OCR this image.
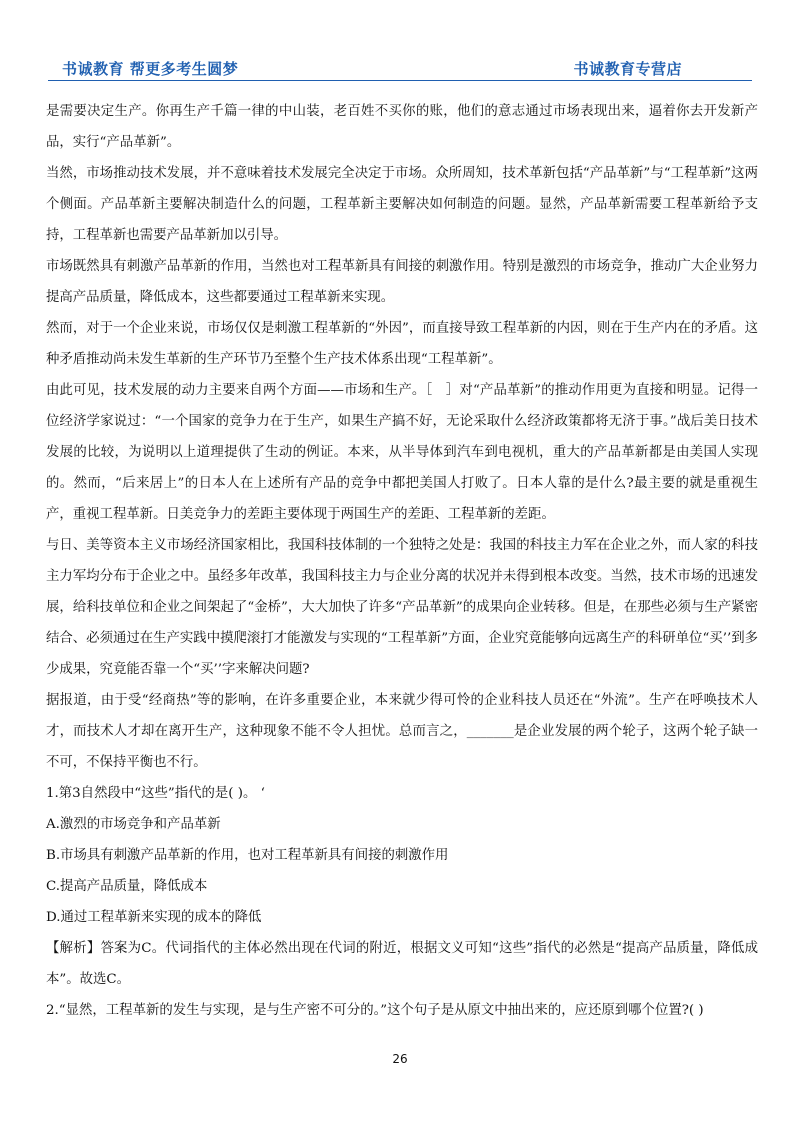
书诚教育 帮更多考生圆梦	书诚教育专营店

是需要决定生产。你再生产千篇一律的中山装，老百姓不买你的账，他们的意志通过市场表现出来，逼着你去开发新产品，实行“产品革新”。

当然，市场推动技术发展，并不意味着技术发展完全决定于市场。众所周知，技术革新包括“产品革新”与“工程革新”这两个侧面。产品革新主要解决制造什么的问题，工程革新主要解决如何制造的问题。显然，产品革新需要工程革新给予支持，工程革新也需要产品革新加以引导。

市场既然具有刺激产品革新的作用，当然也对工程革新具有间接的刺激作用。特别是激烈的市场竞争，推动广大企业努力提高产品质量，降低成本，这些都要通过工程革新来实现。

然而，对于一个企业来说，市场仅仅是刺激工程革新的“外因”，而直接导致工程革新的内因，则在于生产内在的矛盾。这种矛盾推动尚未发生革新的生产环节乃至整个生产技术体系出现“工程革新”。

由此可见，技术发展的动力主要来自两个方面——市场和生产。［　］对“产品革新”的推动作用更为直接和明显。记得一位经济学家说过：“一个国家的竞争力在于生产，如果生产搞不好，无论采取什么经济政策都将无济于事。”战后美日技术发展的比较，为说明以上道理提供了生动的例证。本来，从半导体到汽车到电视机，重大的产品革新都是由美国人实现的。然而，“后来居上”的日本人在上述所有产品的竞争中都把美国人打败了。日本人靠的是什么?最主要的就是重视生产，重视工程革新。日美竞争力的差距主要体现于两国生产的差距、工程革新的差距。

与日、美等资本主义市场经济国家相比，我国科技体制的一个独特之处是：我国的科技主力军在企业之外，而人家的科技主力军均分布于企业之中。虽经多年改革，我国科技主力与企业分离的状况并未得到根本改变。当然，技术市场的迅速发展，给科技单位和企业之间架起了“金桥”，大大加快了许多“产品革新”的成果向企业转移。但是，在那些必须与生产紧密结合、必须通过在生产实践中摸爬滚打才能激发与实现的“工程革新”方面，企业究竟能够向远离生产的科研单位“买’’到多少成果，究竟能否靠一个“买’’字来解决问题?

据报道，由于受“经商热”等的影响，在许多重要企业，本来就少得可怜的企业科技人员还在“外流”。生产在呼唤技术人才，而技术人才却在离开生产，这种现象不能不令人担忧。总而言之，_______是企业发展的两个轮子，这两个轮子缺一不可，不保持平衡也不行。

1.第3自然段中“这些”指代的是( )。 ‘

A.激烈的市场竞争和产品革新

B.市场具有刺激产品革新的作用，也对工程革新具有间接的刺激作用

C.提高产品质量，降低成本

D.通过工程革新来实现的成本的降低

【解析】答案为C。代词指代的主体必然出现在代词的附近，根据文义可知“这些”指代的必然是“提高产品质量，降低成本”。故选C。

2.“显然，工程革新的发生与实现，是与生产密不可分的。”这个句子是从原文中抽出来的，应还原到哪个位置?( )

26
